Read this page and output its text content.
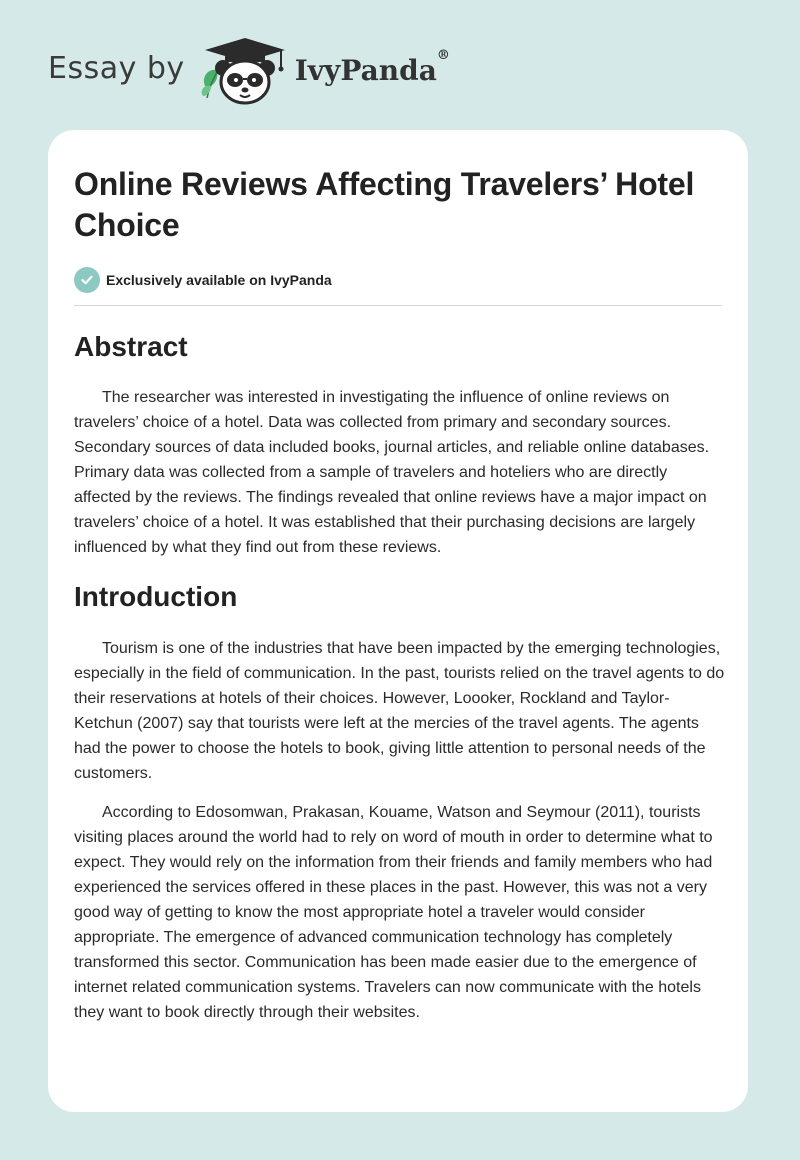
Essay by	IvyPanda®
Online Reviews Affecting Travelers’ Hotel Choice
Exclusively available on IvyPanda
Abstract

The researcher was interested in investigating the influence of online reviews on travelers’ choice of a hotel. Data was collected from primary and secondary sources. Secondary sources of data included books, journal articles, and reliable online databases. Primary data was collected from a sample of travelers and hoteliers who are directly affected by the reviews. The findings revealed that online reviews have a major impact on travelers’ choice of a hotel. It was established that their purchasing decisions are largely influenced by what they find out from these reviews.

Introduction

Tourism is one of the industries that have been impacted by the emerging technologies, especially in the field of communication. In the past, tourists relied on the travel agents to do their reservations at hotels of their choices. However, Loooker, Rockland and Taylor-Ketchun (2007) say that tourists were left at the mercies of the travel agents. The agents had the power to choose the hotels to book, giving little attention to personal needs of the customers.

According to Edosomwan, Prakasan, Kouame, Watson and Seymour (2011), tourists visiting places around the world had to rely on word of mouth in order to determine what to expect. They would rely on the information from their friends and family members who had experienced the services offered in these places in the past. However, this was not a very good way of getting to know the most appropriate hotel a traveler would consider appropriate. The emergence of advanced communication technology has completely transformed this sector. Communication has been made easier due to the emergence of internet related communication systems. Travelers can now communicate with the hotels they want to book directly through their websites.
